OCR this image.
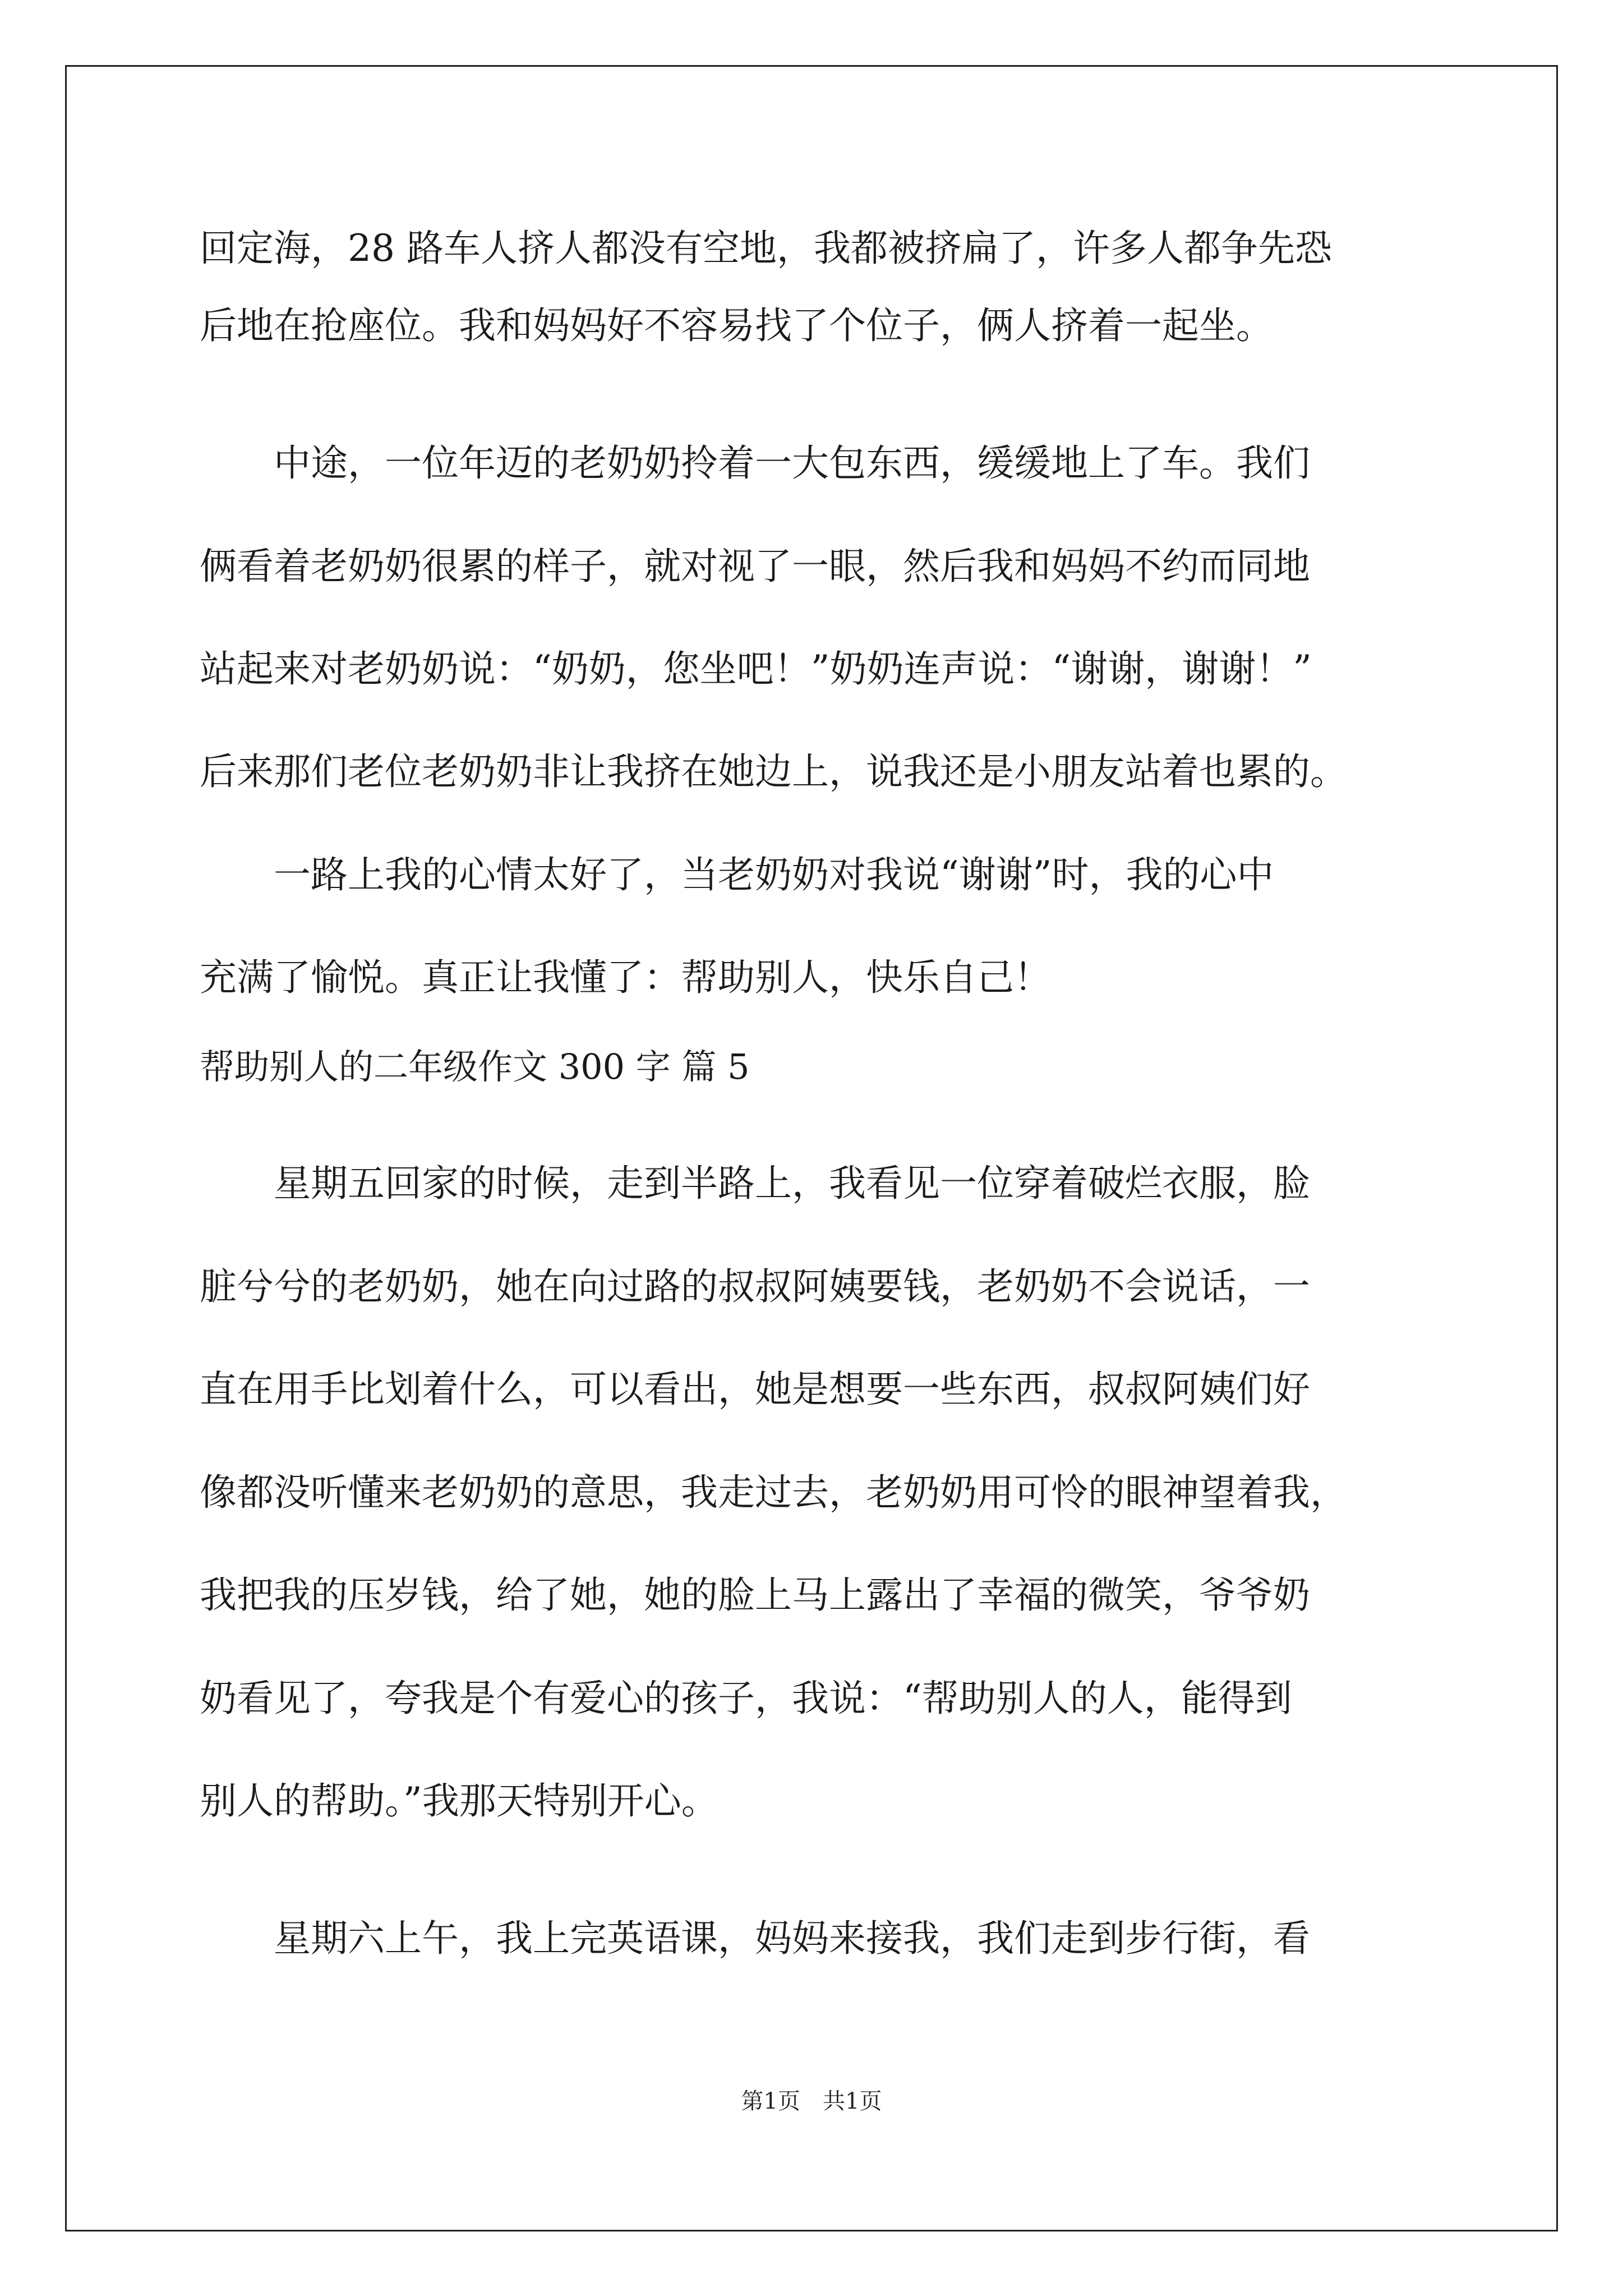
回定海，28 路车人挤人都没有空地，我都被挤扁了，许多人都争先恐

后地在抢座位。我和妈妈好不容易找了个位子，俩人挤着一起坐。

　　中途，一位年迈的老奶奶拎着一大包东西，缓缓地上了车。我们

俩看着老奶奶很累的样子，就对视了一眼，然后我和妈妈不约而同地

站起来对老奶奶说：“奶奶，您坐吧！”奶奶连声说：“谢谢，谢谢！”

后来那们老位老奶奶非让我挤在她边上，说我还是小朋友站着也累的。

　　一路上我的心情太好了，当老奶奶对我说“谢谢”时，我的心中

充满了愉悦。真正让我懂了：帮助别人，快乐自己！

帮助别人的二年级作文 300 字 篇 5

　　星期五回家的时候，走到半路上，我看见一位穿着破烂衣服，脸

脏兮兮的老奶奶，她在向过路的叔叔阿姨要钱，老奶奶不会说话，一

直在用手比划着什么，可以看出，她是想要一些东西，叔叔阿姨们好

像都没听懂来老奶奶的意思，我走过去，老奶奶用可怜的眼神望着我，

我把我的压岁钱，给了她，她的脸上马上露出了幸福的微笑，爷爷奶

奶看见了，夸我是个有爱心的孩子，我说：“帮助别人的人，能得到

别人的帮助。”我那天特别开心。

　　星期六上午，我上完英语课，妈妈来接我，我们走到步行街，看

第1页　共1页
